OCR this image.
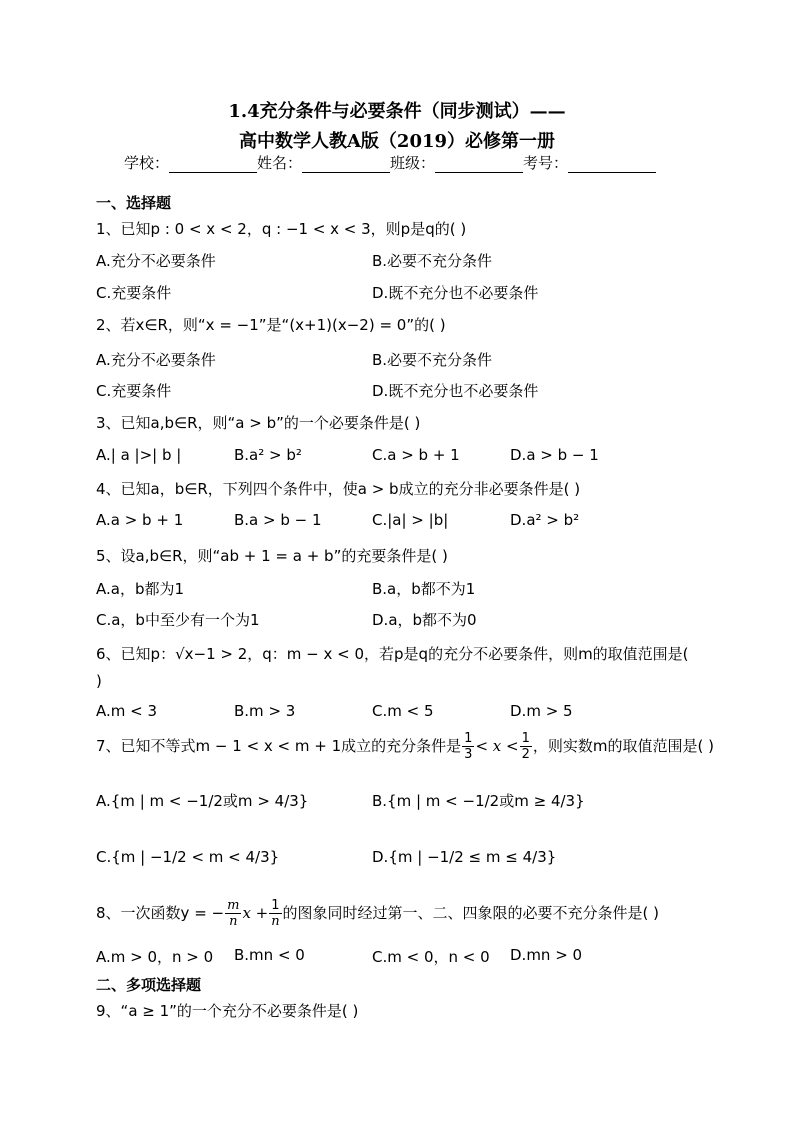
1.4充分条件与必要条件（同步测试）——
高中数学人教A版（2019）必修第一册
学校：	姓名：	班级：	考号：
一、选择题
1、已知p : 0 < x < 2，q : −1 < x < 3，则p是q的( )
A.充分不必要条件	B.必要不充分条件
C.充要条件	D.既不充分也不必要条件
2、若x∈R，则“x = −1”是“(x+1)(x−2) = 0”的( )
A.充分不必要条件	B.必要不充分条件
C.充要条件	D.既不充分也不必要条件
3、已知a,b∈R，则“a > b”的一个必要条件是( )
A.| a |>| b |	B.a² > b²	C.a > b + 1	D.a > b − 1
4、已知a，b∈R，下列四个条件中，使a > b成立的充分非必要条件是( )
A.a > b + 1	B.a > b − 1	C.|a| > |b|	D.a² > b²
5、设a,b∈R，则“ab + 1 = a + b”的充要条件是( )
A.a，b都为1	B.a，b都不为1
C.a，b中至少有一个为1	D.a，b都不为0
6、已知p：√x−1 > 2，q：m − x < 0，若p是q的充分不必要条件，则m的取值范围是(
)
A.m < 3	B.m > 3	C.m < 5	D.m > 5
7、已知不等式m − 1 < x < m + 1成立的充分条件是 $\frac{1}{3} < x < \frac{1}{2}$ ，则实数m的取值范围是( )
A.{m | m < −1/2或m > 4/3}	B.{m | m < −1/2或m ≥ 4/3}
C.{m | −1/2 < m < 4/3}	D.{m | −1/2 ≤ m ≤ 4/3}
8、一次函数y = − $\frac{m}{n}$ $x + \frac{1}{n}$ 的图象同时经过第一、二、四象限的必要不充分条件是( )
A.m > 0，n > 0 B.mn < 0	C.m < 0，n < 0 D.mn > 0
二、多项选择题
9、“a ≥ 1”的一个充分不必要条件是( )
